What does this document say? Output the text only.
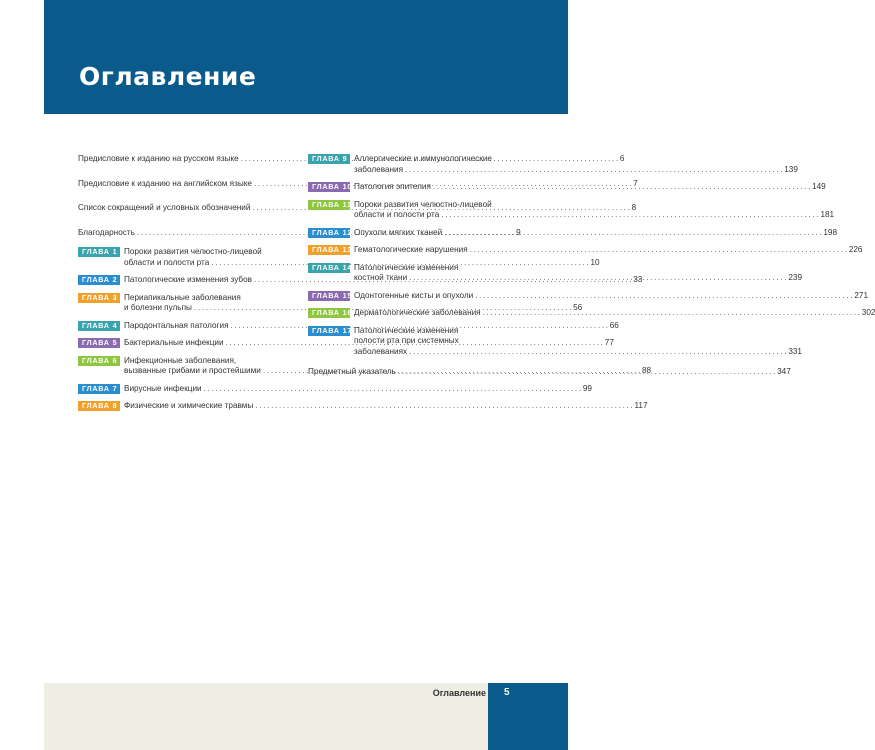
Оглавление
Предисловие к изданию на русском языке . . .	6
Предисловие к изданию на английском языке . . .	7
Список сокращений и условных обозначений . . .	8
Благодарность . . .	9
ГЛАВА 1 Пороки развития челюстно-лицевой
области и полости рта . . .	10
ГЛАВА 2 Патологические изменения зубов . . .	33
ГЛАВА 3 Периапикальные заболевания
и болезни пульпы . . .	56
ГЛАВА 4 Пародонтальная патология . . .	66
ГЛАВА 5 Бактериальные инфекции . . .	77
ГЛАВА 6 Инфекционные заболевания,
вызванные грибами и простейшими . . .	88
ГЛАВА 7 Вирусные инфекции . . .	99
ГЛАВА 8 Физические и химические травмы . . .	117
ГЛАВА 9 Аллергические и иммунологические
заболевания . . .	139
ГЛАВА 10 Патология эпителия . . .	149
ГЛАВА 11 Пороки развития челюстно-лицевой
области и полости рта . . .	181
ГЛАВА 12 Опухоли мягких тканей . . .	198
ГЛАВА 13 Гематологические нарушения . . .	226
ГЛАВА 14 Патологические изменения
костной ткани . . .	239
ГЛАВА 15 Одонтогенные кисты и опухоли . . .	271
ГЛАВА 16 Дерматологические заболевания . . .	302
ГЛАВА 17 Патологические изменения
полости рта при системных
заболеваниях . . .	331
Предметный указатель . . .	347
Оглавление 5
